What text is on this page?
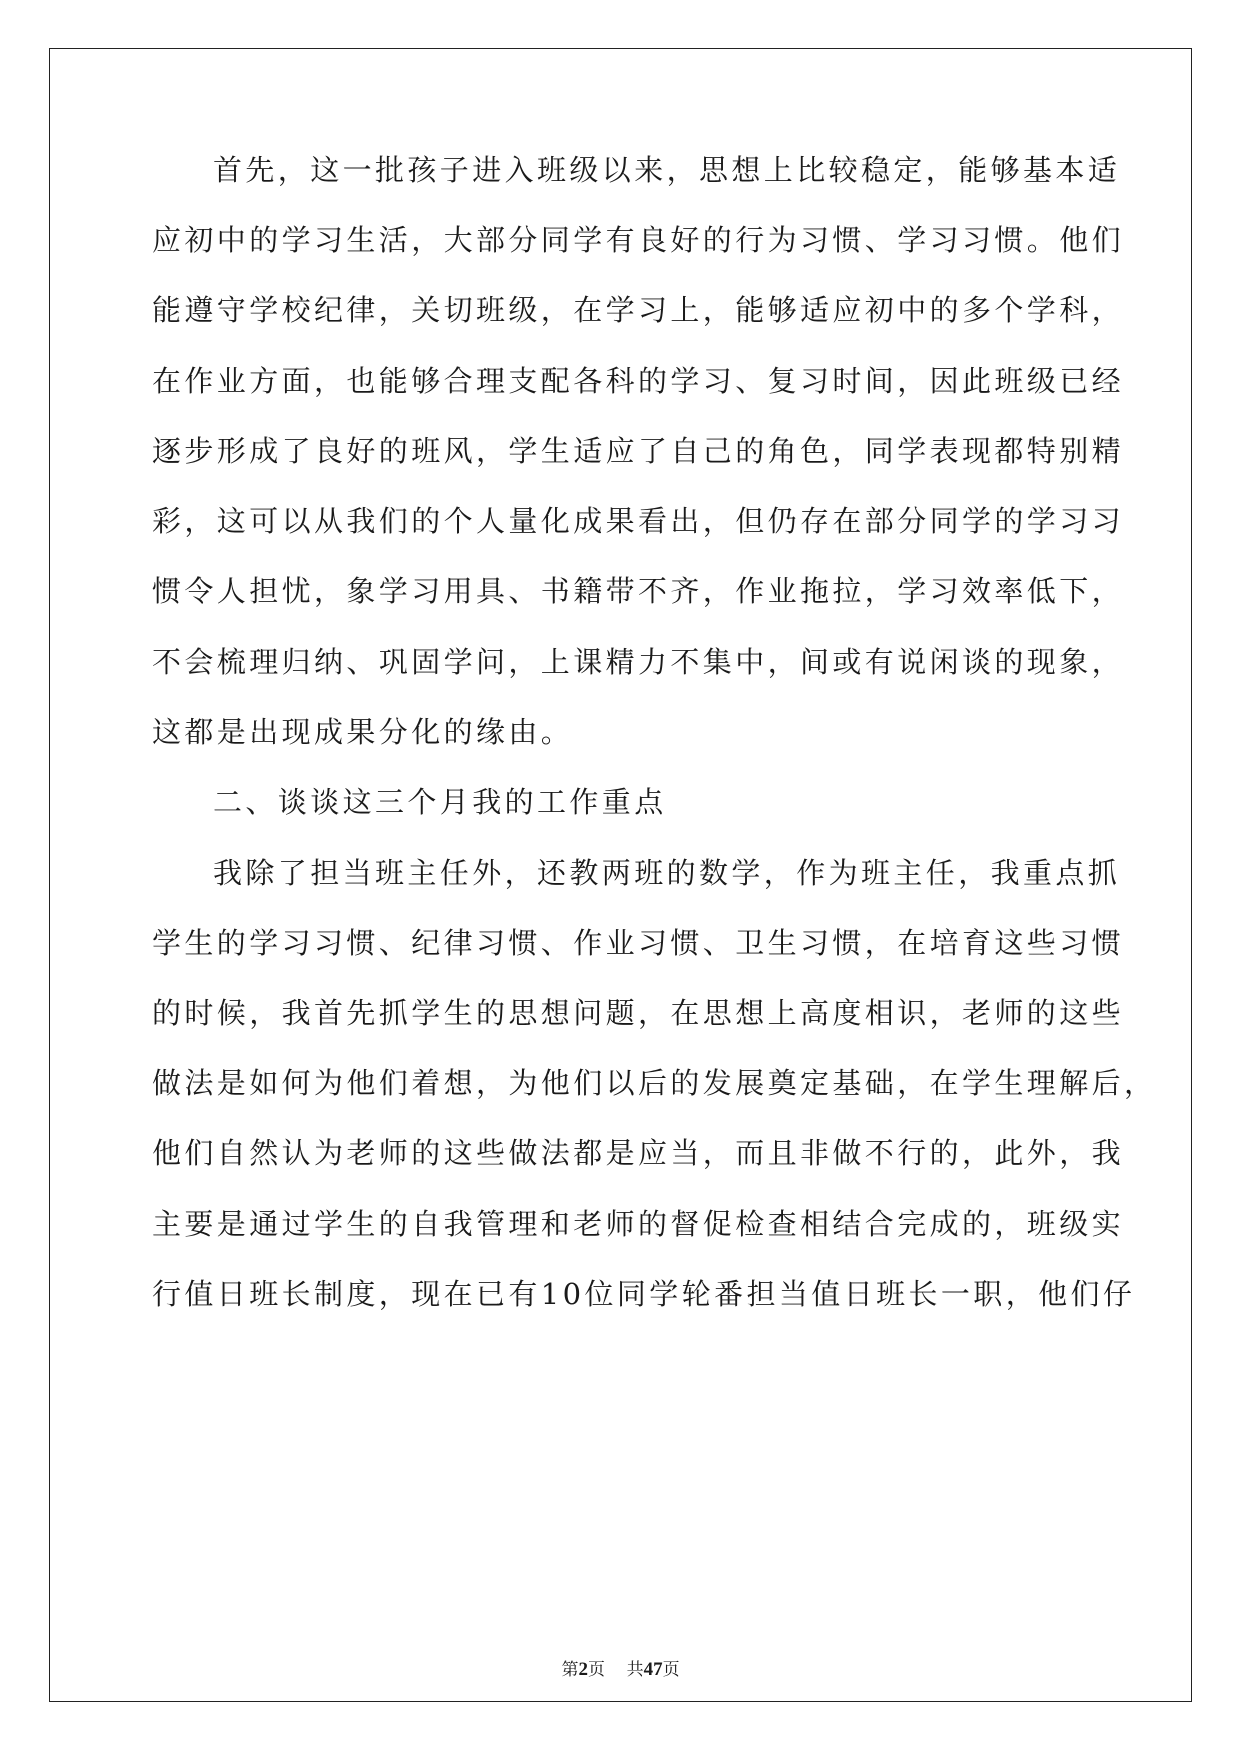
首先，这一批孩子进入班级以来，思想上比较稳定，能够基本适
应初中的学习生活，大部分同学有良好的行为习惯、学习习惯。他们
能遵守学校纪律，关切班级，在学习上，能够适应初中的多个学科，
在作业方面，也能够合理支配各科的学习、复习时间，因此班级已经
逐步形成了良好的班风，学生适应了自己的角色，同学表现都特别精
彩，这可以从我们的个人量化成果看出，但仍存在部分同学的学习习
惯令人担忧，象学习用具、书籍带不齐，作业拖拉，学习效率低下，
不会梳理归纳、巩固学问，上课精力不集中，间或有说闲谈的现象，
这都是出现成果分化的缘由。
二、谈谈这三个月我的工作重点
我除了担当班主任外，还教两班的数学，作为班主任，我重点抓
学生的学习习惯、纪律习惯、作业习惯、卫生习惯，在培育这些习惯
的时候，我首先抓学生的思想问题，在思想上高度相识，老师的这些
做法是如何为他们着想，为他们以后的发展奠定基础，在学生理解后，
他们自然认为老师的这些做法都是应当，而且非做不行的，此外，我
主要是通过学生的自我管理和老师的督促检查相结合完成的，班级实
行值日班长制度，现在已有10位同学轮番担当值日班长一职，他们仔
第2页 共47页
